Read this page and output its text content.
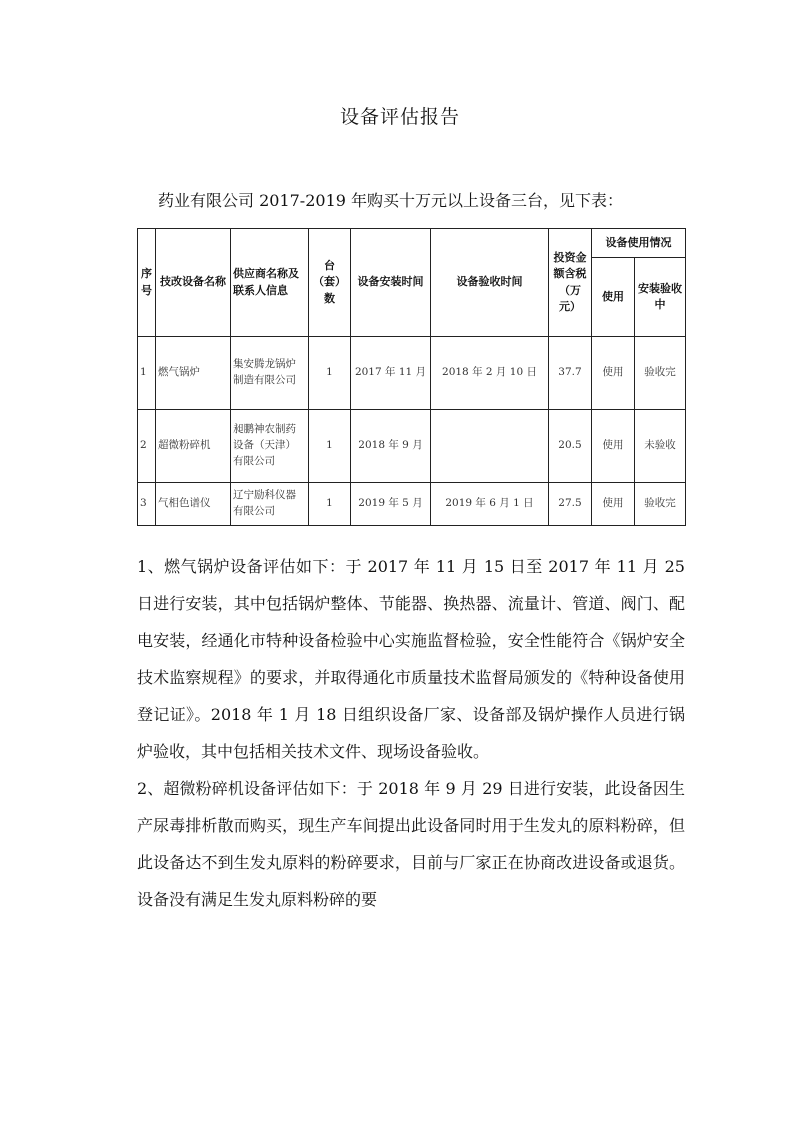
设备评估报告
药业有限公司 2017-2019 年购买十万元以上设备三台，见下表：
序号	技改设备名称	供应商名称及联系人信息	台（套）数	设备安装时间	设备验收时间	投资金额含税（万元）	设备使用情况	
							使用	安装验收中
1	燃气锅炉	集安腾龙锅炉制造有限公司	1	2017 年 11 月	2018 年 2 月 10 日	37.7	使用	验收完
2	超微粉碎机	昶鹏神农制药设备（天津）有限公司	1	2018 年 9 月		20.5	使用	未验收
3	气相色谱仪	辽宁励科仪器有限公司	1	2019 年 5 月	2019 年 6 月 1 日	27.5	使用	验收完

1、燃气锅炉设备评估如下：于 2017 年 11 月 15 日至 2017 年 11 月 25 日进行安装，其中包括锅炉整体、节能器、换热器、流量计、管道、阀门、配电安装，经通化市特种设备检验中心实施监督检验，安全性能符合《锅炉安全技术监察规程》的要求，并取得通化市质量技术监督局颁发的《特种设备使用登记证》。2018 年 1 月 18 日组织设备厂家、设备部及锅炉操作人员进行锅炉验收，其中包括相关技术文件、现场设备验收。

2、超微粉碎机设备评估如下：于 2018 年 9 月 29 日进行安装，此设备因生产尿毒排析散而购买，现生产车间提出此设备同时用于生发丸的原料粉碎，但此设备达不到生发丸原料的粉碎要求，目前与厂家正在协商改进设备或退货。设备没有满足生发丸原料粉碎的要
